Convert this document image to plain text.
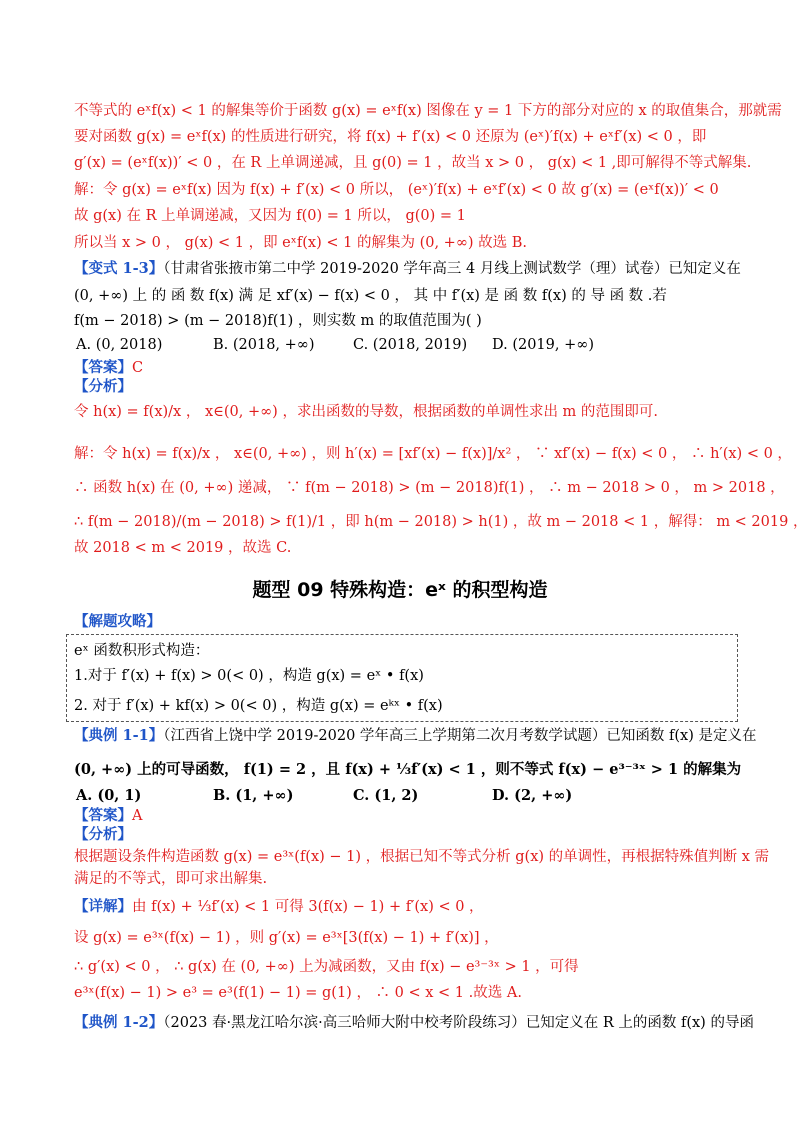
不等式的 eˣf(x) < 1 的解集等价于函数 g(x) = eˣf(x) 图像在 y = 1 下方的部分对应的 x 的取值集合，那就需
要对函数 g(x) = eˣf(x) 的性质进行研究，将 f(x) + f′(x) < 0 还原为 (eˣ)′f(x) + eˣf′(x) < 0 ，即
g′(x) = (eˣf(x))′ < 0 ，在 R 上单调递减，且 g(0) = 1 ，故当 x > 0 ， g(x) < 1 ,即可解得不等式解集.
解：令 g(x) = eˣf(x) 因为 f(x) + f′(x) < 0 所以， (eˣ)′f(x) + eˣf′(x) < 0 故 g′(x) = (eˣf(x))′ < 0
故 g(x) 在 R 上单调递减，又因为 f(0) = 1 所以， g(0) = 1
所以当 x > 0 ， g(x) < 1 ，即 eˣf(x) < 1 的解集为 (0, +∞) 故选 B.
【变式 1-3】（甘肃省张掖市第二中学 2019-2020 学年高三 4 月线上测试数学（理）试卷）已知定义在
(0, +∞) 上 的 函 数 f(x) 满 足 xf′(x) − f(x) < 0 ， 其 中 f′(x) 是 函 数 f(x) 的 导 函 数 .若
f(m − 2018) > (m − 2018)f(1) ，则实数 m 的取值范围为( )
A. (0, 2018)	B. (2018, +∞)	C. (2018, 2019) D. (2019, +∞)
【答案】C
【分析】
令 h(x) = f(x)/x ， x∈(0, +∞) ，求出函数的导数，根据函数的单调性求出 m 的范围即可.
解：令 h(x) = f(x)/x ， x∈(0, +∞) ，则 h′(x) = [xf′(x) − f(x)]/x² ， ∵ xf′(x) − f(x) < 0 ， ∴ h′(x) < 0 ，
∴ 函数 h(x) 在 (0, +∞) 递减， ∵ f(m − 2018) > (m − 2018)f(1) ， ∴ m − 2018 > 0 ， m > 2018 ，
∴ f(m − 2018)/(m − 2018) > f(1)/1 ，即 h(m − 2018) > h(1) ，故 m − 2018 < 1 ，解得： m < 2019 ，
故 2018 < m < 2019 ，故选 C.
题型 09 特殊构造：eˣ 的积型构造
【解题攻略】
eˣ 函数积形式构造：
1.对于 f′(x) + f(x) > 0(< 0) ，构造 g(x) = eˣ • f(x)
2. 对于 f′(x) + kf(x) > 0(< 0) ，构造 g(x) = eᵏˣ • f(x)
【典例 1-1】（江西省上饶中学 2019-2020 学年高三上学期第二次月考数学试题）已知函数 f(x) 是定义在
(0, +∞) 上的可导函数， f(1) = 2 ，且 f(x) + ⅓f′(x) < 1 ，则不等式 f(x) − e³⁻³ˣ > 1 的解集为
A. (0, 1)	B. (1, +∞)	C. (1, 2)	D. (2, +∞)
【答案】A
【分析】
根据题设条件构造函数 g(x) = e³ˣ(f(x) − 1) ，根据已知不等式分析 g(x) 的单调性，再根据特殊值判断 x 需
满足的不等式，即可求出解集.
【详解】由 f(x) + ⅓f′(x) < 1 可得 3(f(x) − 1) + f′(x) < 0 ，
设 g(x) = e³ˣ(f(x) − 1) ，则 g′(x) = e³ˣ[3(f(x) − 1) + f′(x)] ，
∴ g′(x) < 0 ， ∴ g(x) 在 (0, +∞) 上为减函数，又由 f(x) − e³⁻³ˣ > 1 ，可得
e³ˣ(f(x) − 1) > e³ = e³(f(1) − 1) = g(1) ， ∴ 0 < x < 1 .故选 A.
【典例 1-2】（2023 春·黑龙江哈尔滨·高三哈师大附中校考阶段练习）已知定义在 R 上的函数 f(x) 的导函
